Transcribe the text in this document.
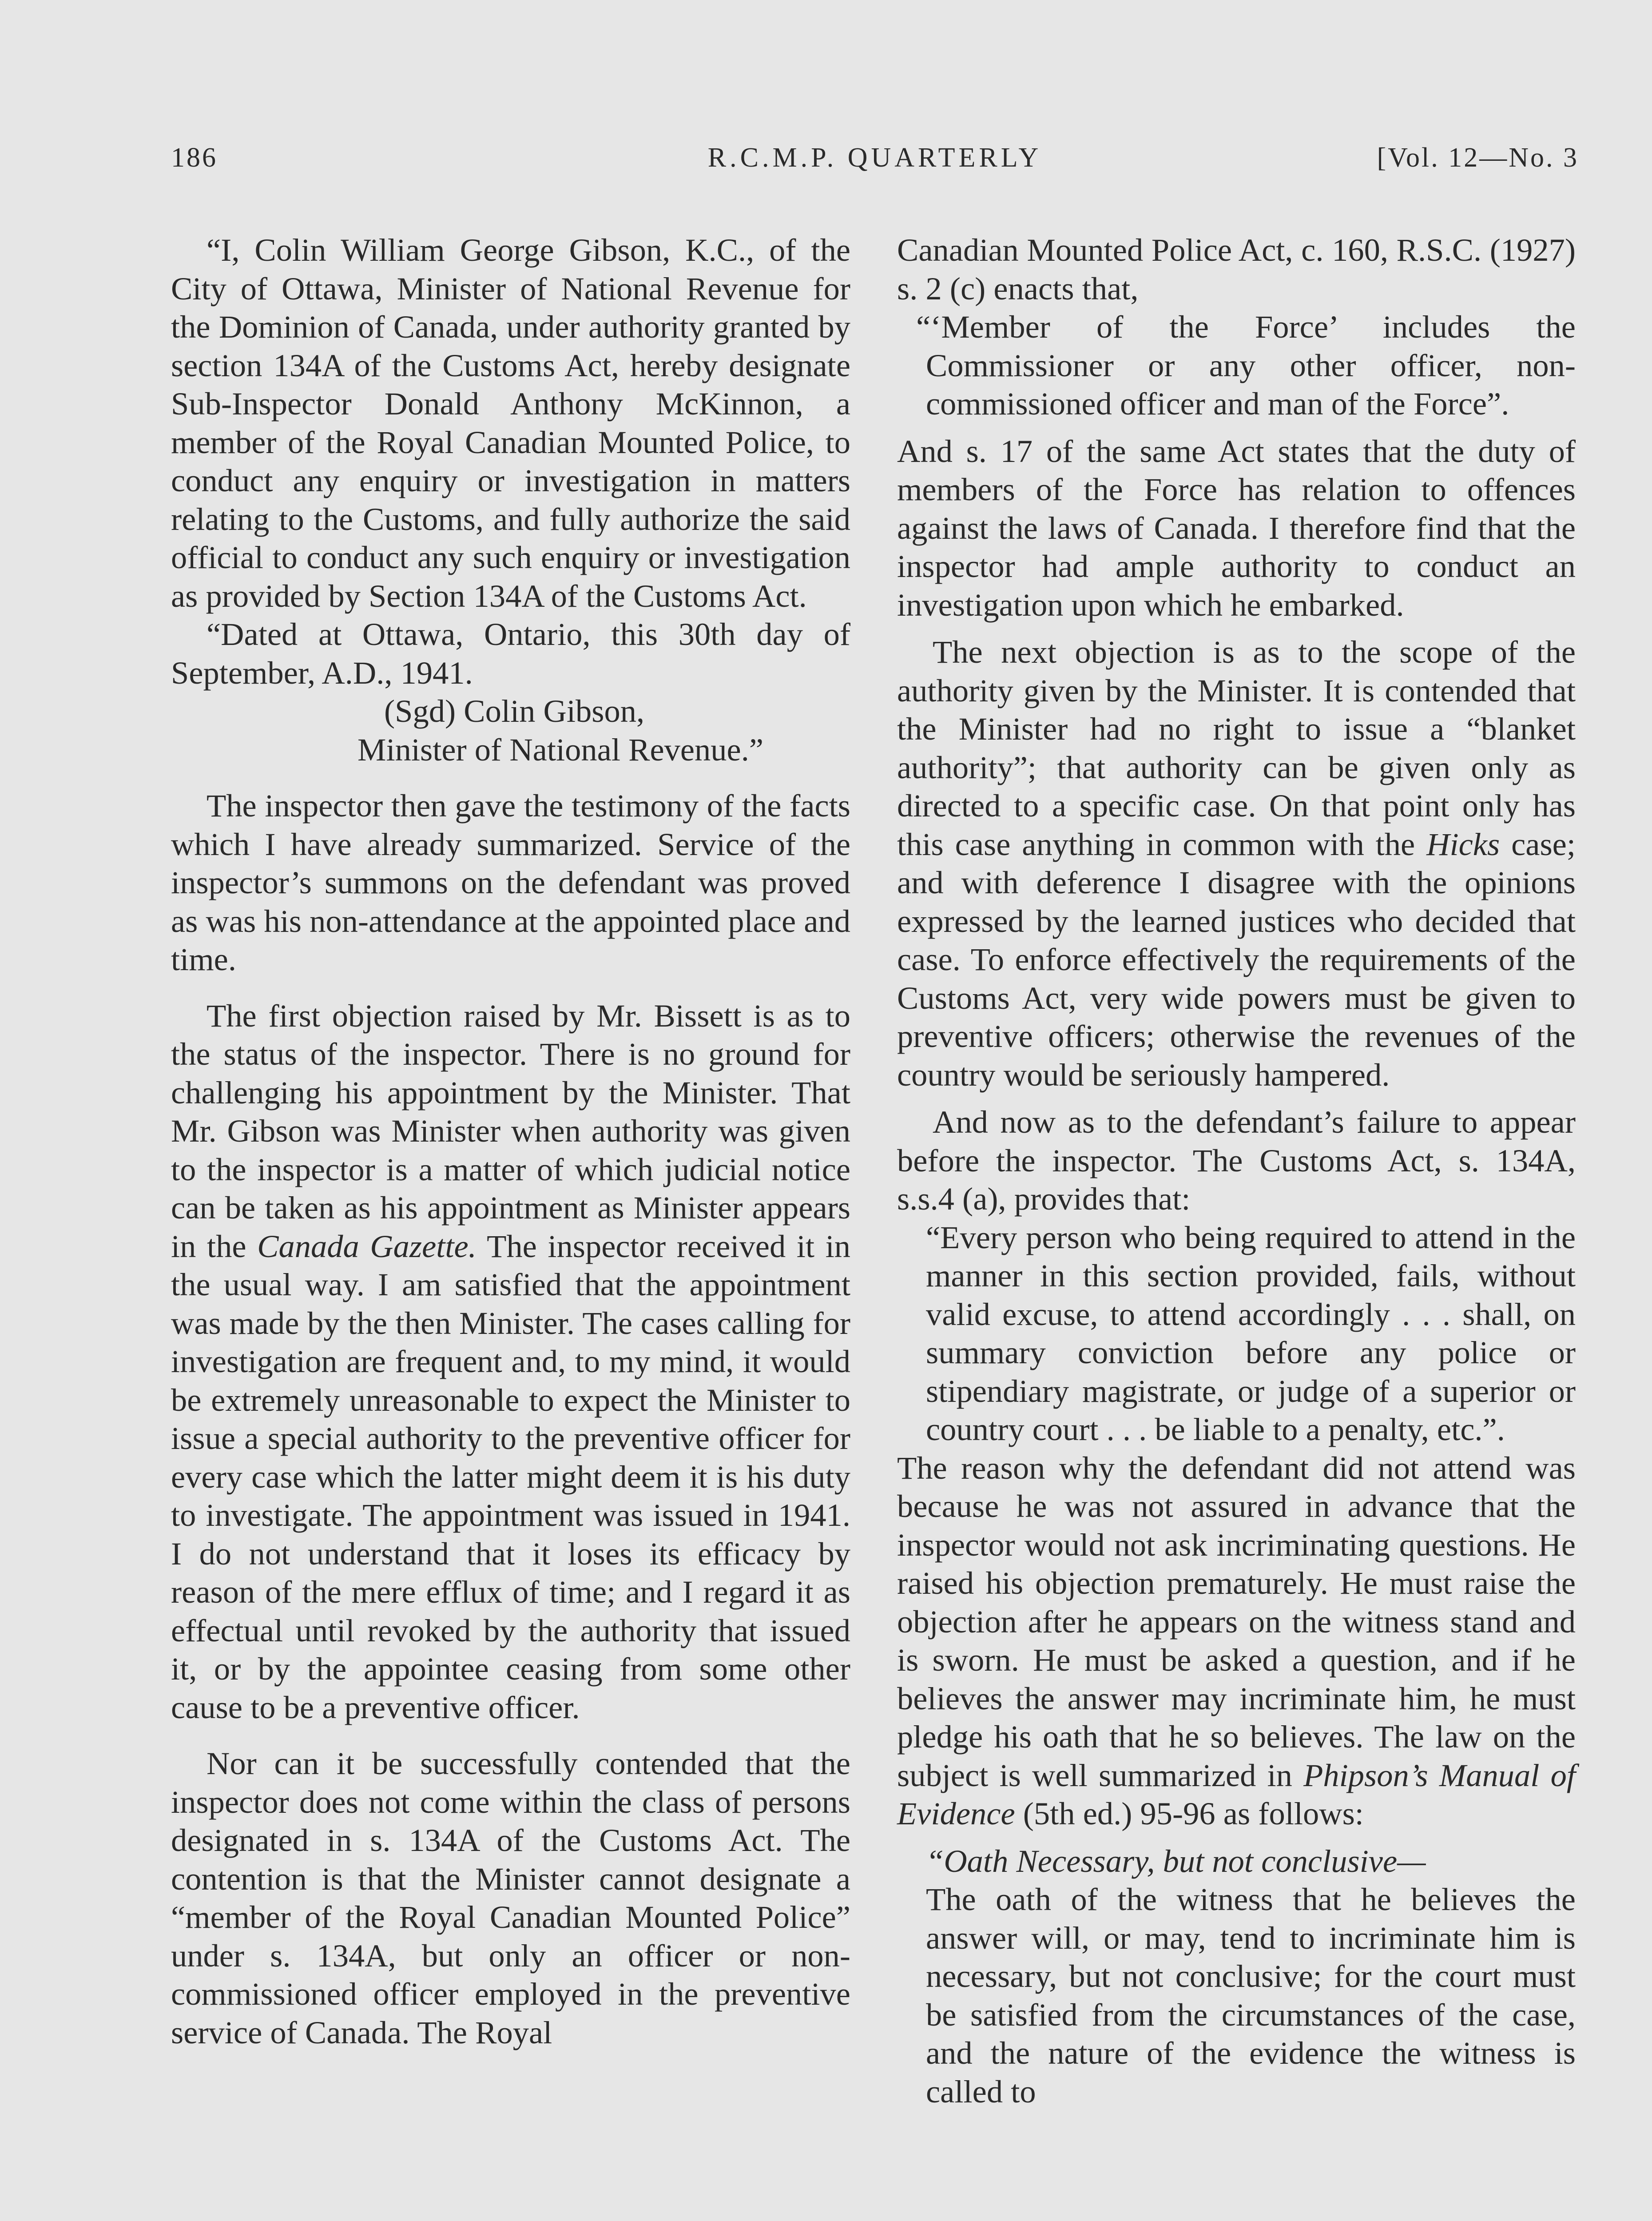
186	R.C.M.P. QUARTERLY	[Vol. 12—No. 3

“I, Colin William George Gibson, K.C., of the City of Ottawa, Minister of National Revenue for the Dominion of Canada, under authority granted by section 134A of the Customs Act, hereby designate Sub-Inspector Donald Anthony McKinnon, a member of the Royal Canadian Mounted Police, to conduct any enquiry or investigation in matters relating to the Customs, and fully authorize the said official to conduct any such enquiry or investigation as provided by Section 134A of the Customs Act.

“Dated at Ottawa, Ontario, this 30th day of September, A.D., 1941.

(Sgd) Colin Gibson,

Minister of National Revenue.”

The inspector then gave the testimony of the facts which I have already summarized. Service of the inspector’s summons on the defendant was proved as was his non-attendance at the appointed place and time.

The first objection raised by Mr. Bissett is as to the status of the inspector. There is no ground for challenging his appointment by the Minister. That Mr. Gibson was Minister when authority was given to the inspector is a matter of which judicial notice can be taken as his appointment as Minister appears in the Canada Gazette. The inspector received it in the usual way. I am satisfied that the appointment was made by the then Minister. The cases calling for investigation are frequent and, to my mind, it would be extremely unreasonable to expect the Minister to issue a special authority to the preventive officer for every case which the latter might deem it is his duty to investigate. The appointment was issued in 1941. I do not understand that it loses its efficacy by reason of the mere efflux of time; and I regard it as effectual until revoked by the authority that issued it, or by the appointee ceasing from some other cause to be a preventive officer.

Nor can it be successfully contended that the inspector does not come within the class of persons designated in s. 134A of the Customs Act. The contention is that the Minister cannot designate a “member of the Royal Canadian Mounted Police” under s. 134A, but only an officer or non-commissioned officer employed in the preventive service of Canada. The Royal

Canadian Mounted Police Act, c. 160, R.S.C. (1927) s. 2 (c) enacts that,

“‘Member of the Force’ includes the Commissioner or any other officer, non-commissioned officer and man of the Force”.

And s. 17 of the same Act states that the duty of members of the Force has relation to offences against the laws of Canada. I therefore find that the inspector had ample authority to conduct an investigation upon which he embarked.

The next objection is as to the scope of the authority given by the Minister. It is contended that the Minister had no right to issue a “blanket authority”; that authority can be given only as directed to a specific case. On that point only has this case anything in common with the Hicks case; and with deference I disagree with the opinions expressed by the learned justices who decided that case. To enforce effectively the requirements of the Customs Act, very wide powers must be given to preventive officers; otherwise the revenues of the country would be seriously hampered.

And now as to the defendant’s failure to appear before the inspector. The Customs Act, s. 134A, s.s.4 (a), provides that:

“Every person who being required to attend in the manner in this section provided, fails, without valid excuse, to attend accordingly . . . shall, on summary conviction before any police or stipendiary magistrate, or judge of a superior or country court . . . be liable to a penalty, etc.”.

The reason why the defendant did not attend was because he was not assured in advance that the inspector would not ask incriminating questions. He raised his objection prematurely. He must raise the objection after he appears on the witness stand and is sworn. He must be asked a question, and if he believes the answer may incriminate him, he must pledge his oath that he so believes. The law on the subject is well summarized in Phipson’s Manual of Evidence (5th ed.) 95-96 as follows:

“Oath Necessary, but not conclusive—
The oath of the witness that he believes the answer will, or may, tend to incriminate him is necessary, but not conclusive; for the court must be satisfied from the circumstances of the case, and the nature of the evidence the witness is called to
